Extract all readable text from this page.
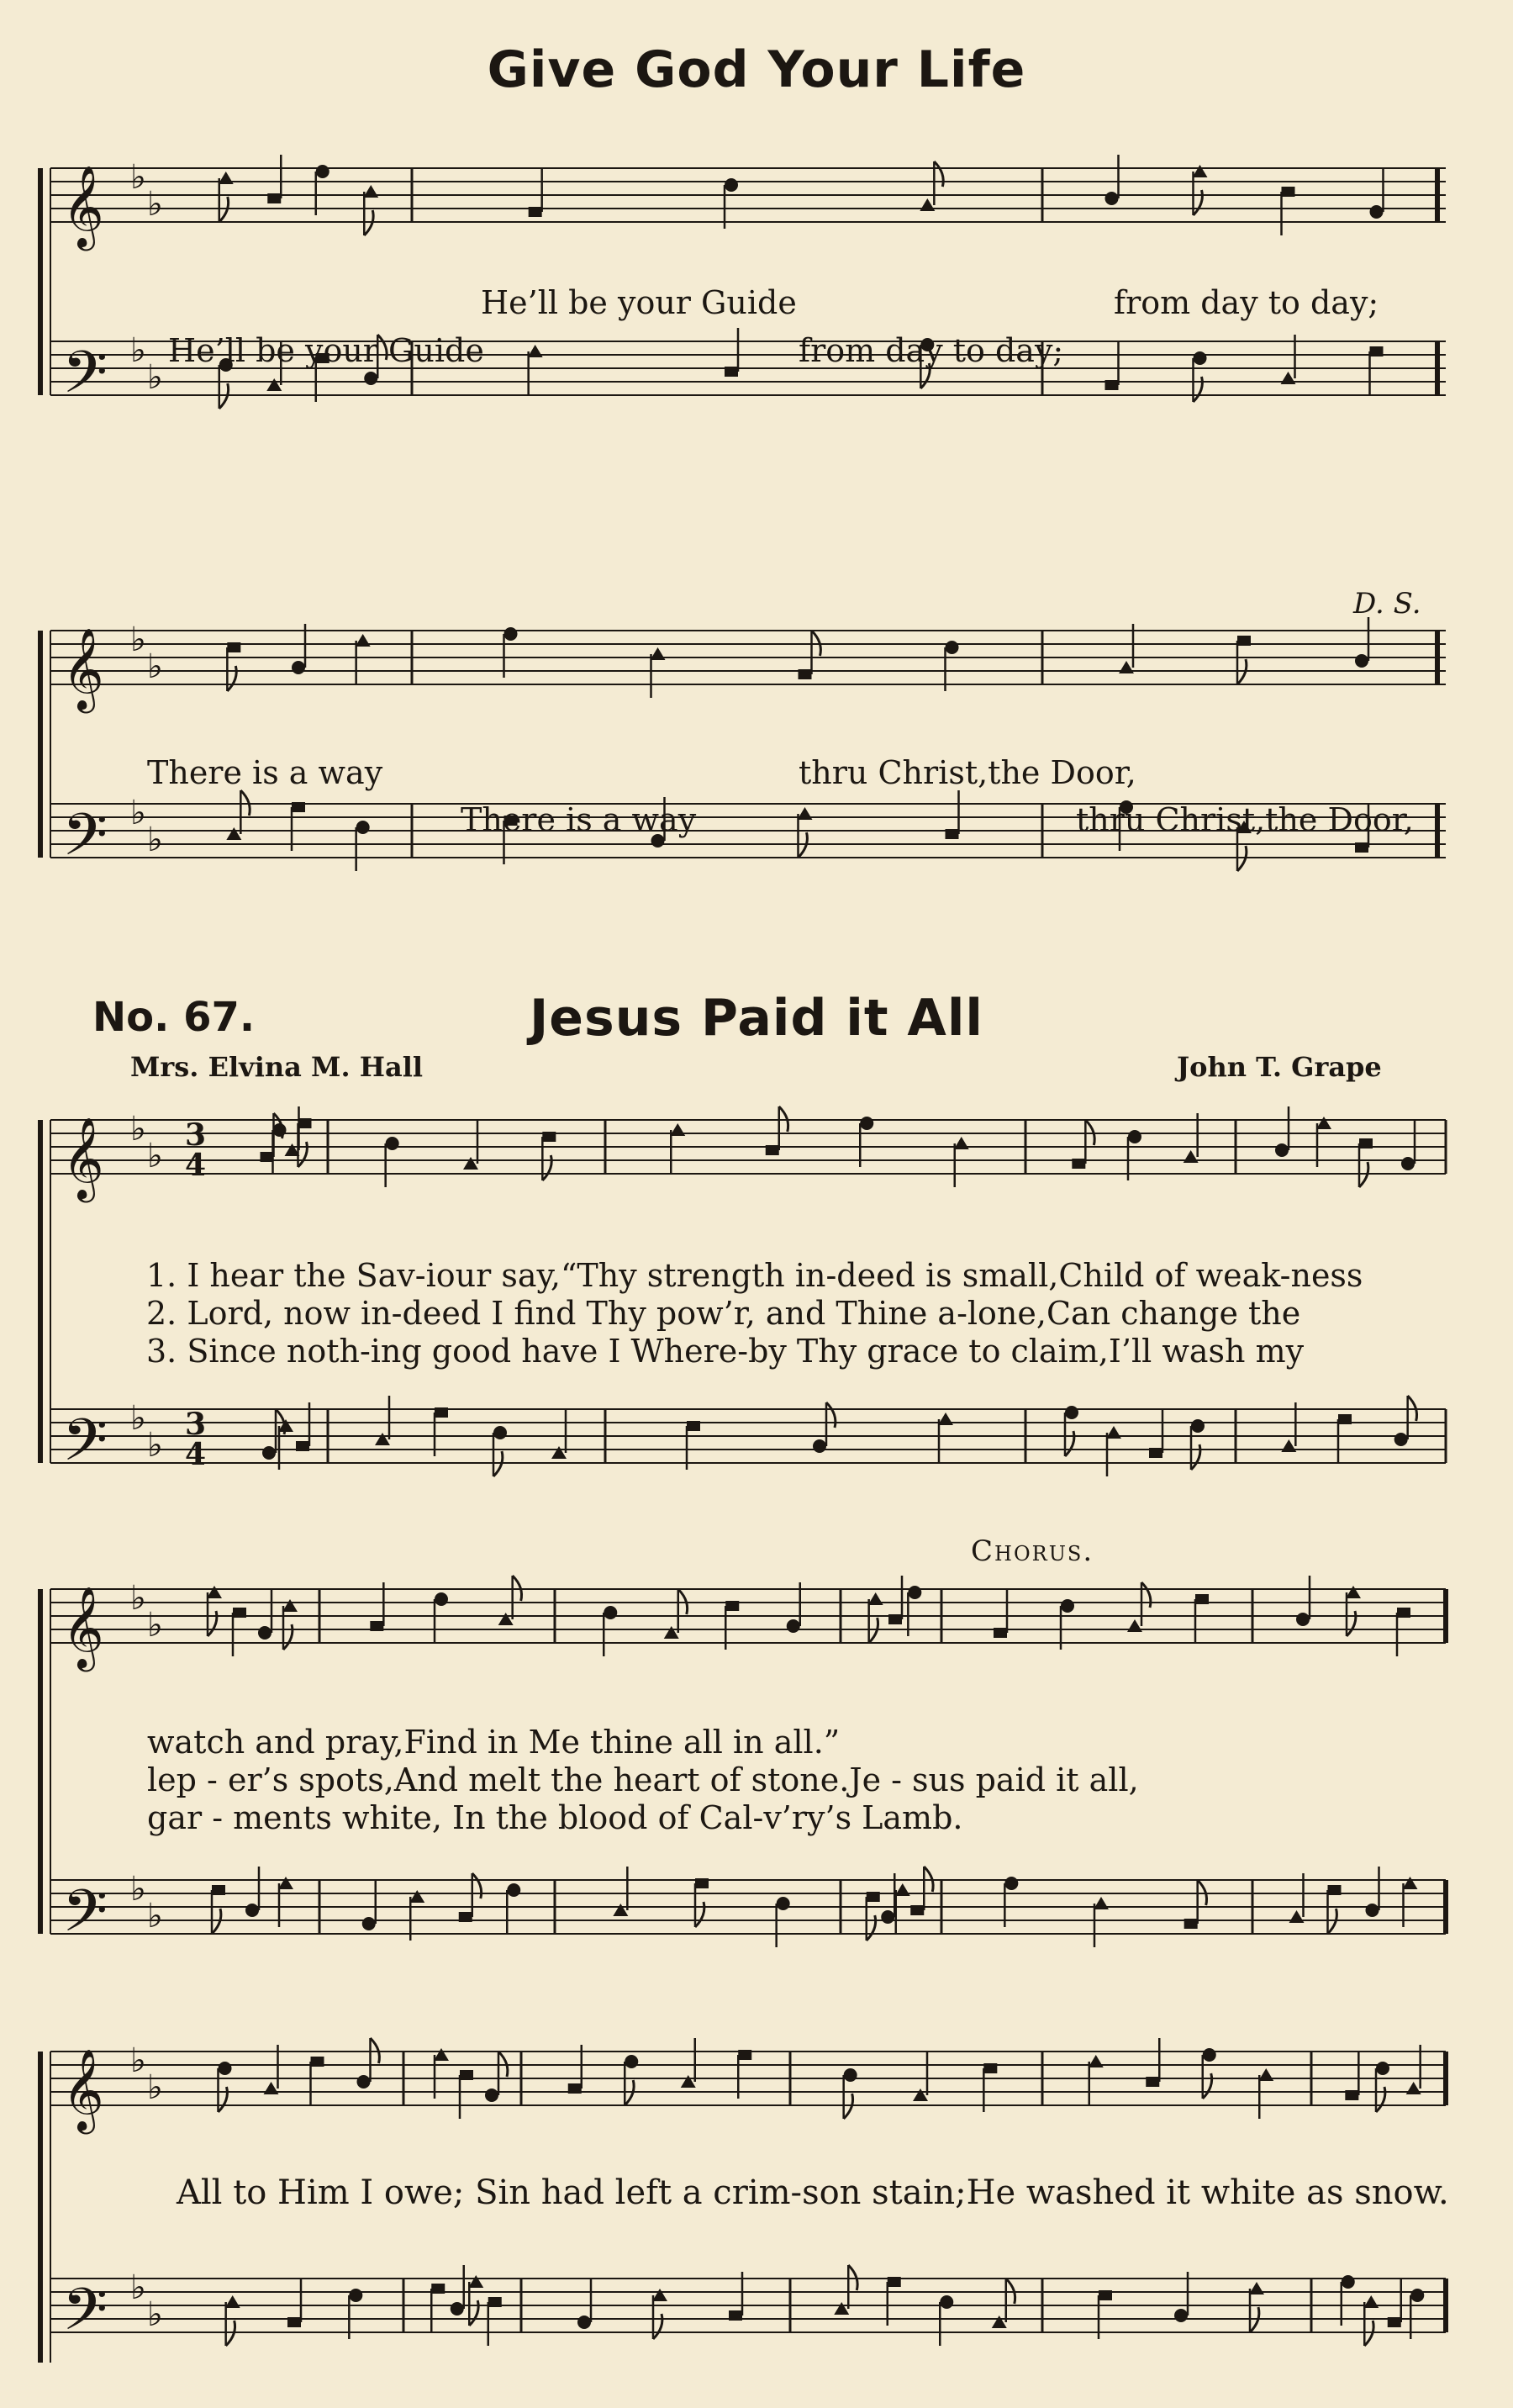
Give God Your Life
𝄞 ♭
♭
𝄢 ♭
♭
He’ll be your Guide	from day to day;
He’ll be your Guide	from day to day;
𝄞 ♭
♭
𝄢 ♭
♭
D. S.
There is a way	thru Christ,the Door,
There is a way	thru Christ,the Door,
No. 67.	Jesus Paid it All
Mrs. Elvina M. Hall	John T. Grape
𝄞 ♭
♭
3
4
𝄢 ♭
♭
3
4
1. I hear the Sav-iour say,“Thy strength in-deed is small,Child of weak-ness
2. Lord, now in-deed I find Thy pow’r, and Thine a-lone,Can change the
3. Since noth-ing good have I Where-by Thy grace to claim,I’ll wash my
Chorus.
𝄞 ♭
♭
𝄢 ♭
♭
watch and pray,Find in Me thine all in all.”
lep - er’s spots,And melt the heart of stone.Je - sus paid it all,
gar - ments white, In the blood of Cal-v’ry’s Lamb.
𝄞 ♭
♭
𝄢 ♭
♭
All to Him I owe; Sin had left a crim-son stain;He washed it white as snow.
